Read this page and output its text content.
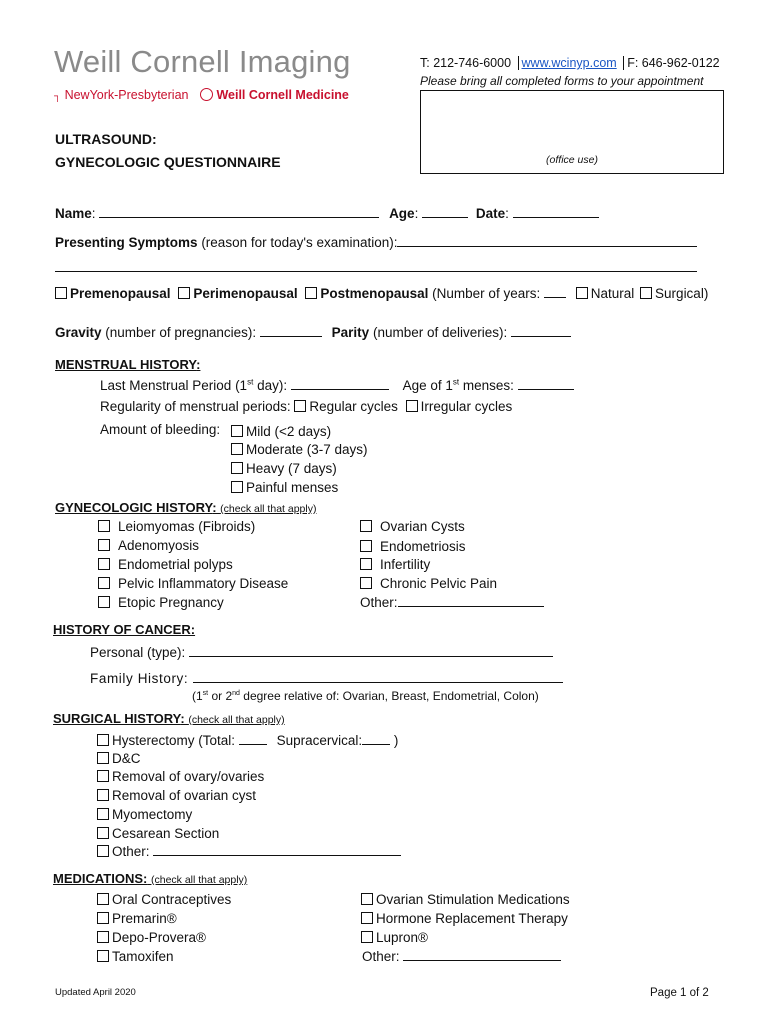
Weill Cornell Imaging
┐ NewYork-Presbyterian Weill Cornell Medicine
T: 212-746-6000 www.wcinyp.com F: 646-962-0122
Please bring all completed forms to your appointment
(office use)
ULTRASOUND:
GYNECOLOGIC QUESTIONNAIRE
Name:	Age:	Date:
Presenting Symptoms (reason for today's examination):
Premenopausal Perimenopausal Postmenopausal (Number of years:	Natural Surgical)
Gravity (number of pregnancies):	Parity (number of deliveries):
MENSTRUAL HISTORY:
Last Menstrual Period (1st day):	Age of 1st menses:
Regularity of menstrual periods: Regular cycles Irregular cycles
Amount of bleeding:	Mild (<2 days)
Moderate (3-7 days)
Heavy (7 days)
Painful menses
GYNECOLOGIC HISTORY: (check all that apply)
Leiomyomas (Fibroids)
Adenomyosis
Endometrial polyps
Pelvic Inflammatory Disease
Etopic Pregnancy
Ovarian Cysts
Endometriosis
Infertility
Chronic Pelvic Pain
Other:
HISTORY OF CANCER:
Personal (type):
Family History:
(1st or 2nd degree relative of: Ovarian, Breast, Endometrial, Colon)
SURGICAL HISTORY: (check all that apply)
Hysterectomy (Total:	Supracervical: )
D&C
Removal of ovary/ovaries
Removal of ovarian cyst
Myomectomy
Cesarean Section
Other:
MEDICATIONS: (check all that apply)
Oral Contraceptives
Premarin®
Depo-Provera®
Tamoxifen
Ovarian Stimulation Medications
Hormone Replacement Therapy
Lupron®
Other:
Updated April 2020	Page 1 of 2
